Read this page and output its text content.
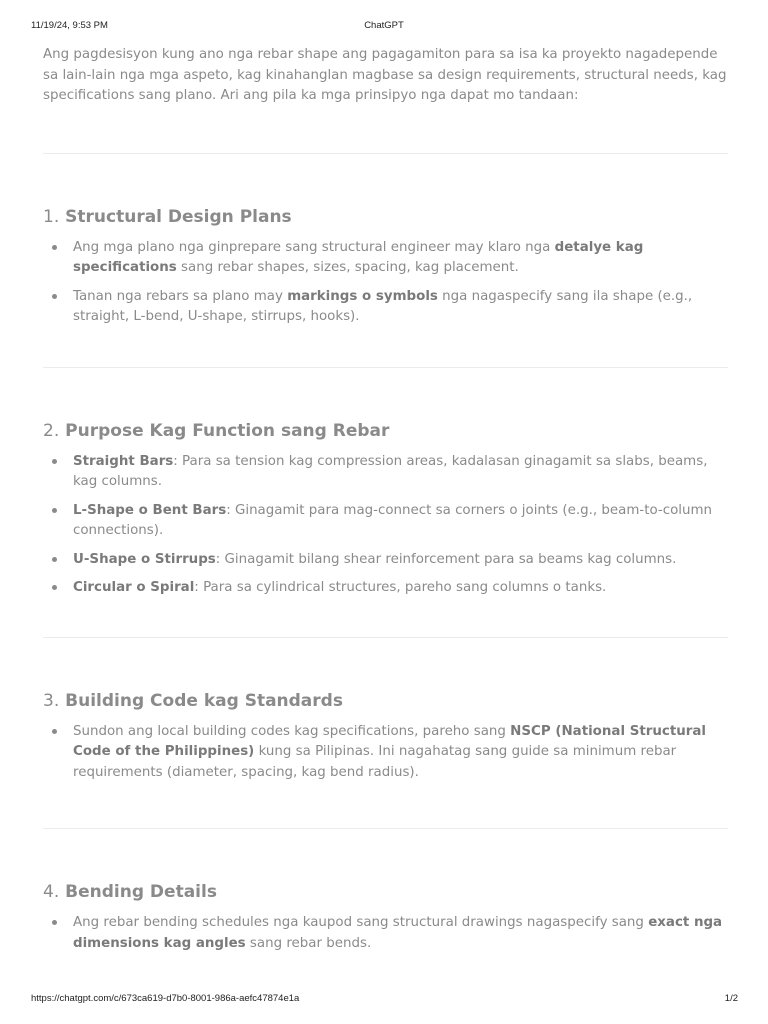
11/19/24, 9:53 PM	ChatGPT

Ang pagdesisyon kung ano nga rebar shape ang pagagamiton para sa isa ka proyekto nagadepende sa lain-lain nga mga aspeto, kag kinahanglan magbase sa design requirements, structural needs, kag specifications sang plano. Ari ang pila ka mga prinsipyo nga dapat mo tandaan:

1. Structural Design Plans
Ang mga plano nga ginprepare sang structural engineer may klaro nga detalye kag specifications sang rebar shapes, sizes, spacing, kag placement.
Tanan nga rebars sa plano may markings o symbols nga nagaspecify sang ila shape (e.g., straight, L-bend, U-shape, stirrups, hooks).
2. Purpose Kag Function sang Rebar
Straight Bars: Para sa tension kag compression areas, kadalasan ginagamit sa slabs, beams, kag columns.
L-Shape o Bent Bars: Ginagamit para mag-connect sa corners o joints (e.g., beam-to-column connections).
U-Shape o Stirrups: Ginagamit bilang shear reinforcement para sa beams kag columns.
Circular o Spiral: Para sa cylindrical structures, pareho sang columns o tanks.
3. Building Code kag Standards
Sundon ang local building codes kag specifications, pareho sang NSCP (National Structural Code of the Philippines) kung sa Pilipinas. Ini nagahatag sang guide sa minimum rebar requirements (diameter, spacing, kag bend radius).
4. Bending Details
Ang rebar bending schedules nga kaupod sang structural drawings nagaspecify sang exact nga dimensions kag angles sang rebar bends.
https://chatgpt.com/c/673ca619-d7b0-8001-986a-aefc47874e1a	1/2
